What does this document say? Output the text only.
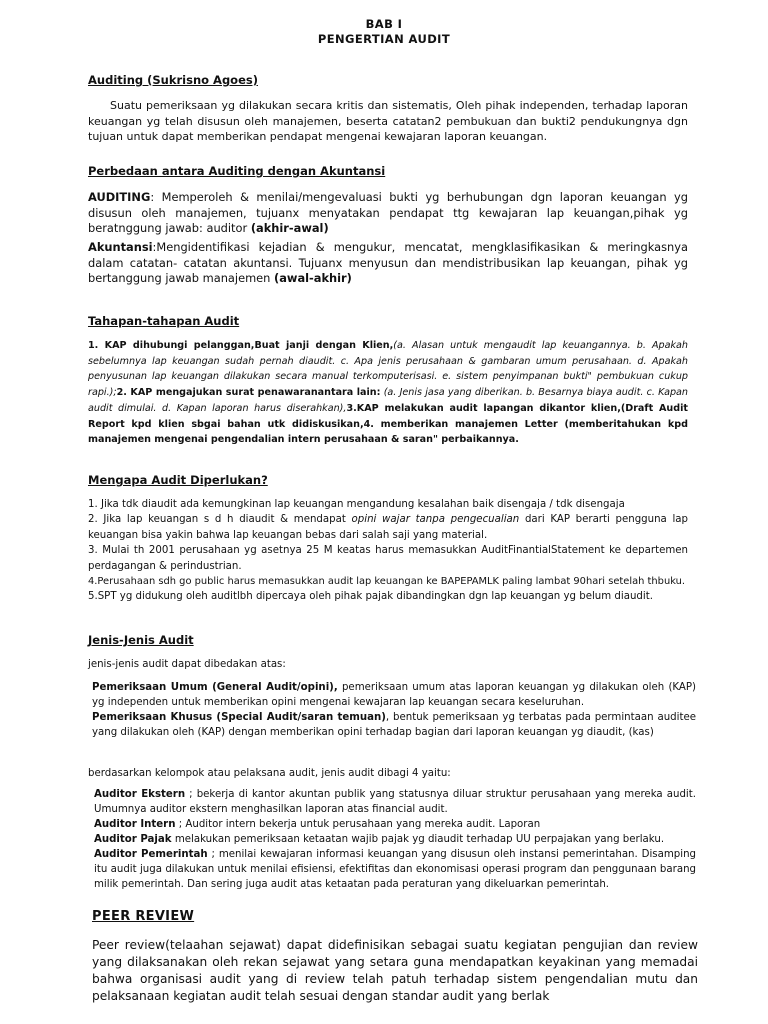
BAB I
PENGERTIAN AUDIT
Auditing (Sukrisno Agoes)
Suatu pemeriksaan yg dilakukan secara kritis dan sistematis, Oleh pihak independen, terhadap laporan keuangan yg telah disusun oleh manajemen, beserta catatan2 pembukuan dan bukti2 pendukungnya dgn tujuan untuk dapat memberikan pendapat mengenai kewajaran laporan keuangan.
Perbedaan antara Auditing dengan Akuntansi
AUDITING: Memperoleh & menilai/mengevaluasi bukti yg berhubungan dgn laporan keuangan yg disusun oleh manajemen, tujuanx menyatakan pendapat ttg kewajaran lap keuangan,pihak yg beratnggung jawab: auditor (akhir-awal)
Akuntansi:Mengidentifikasi kejadian & mengukur, mencatat, mengklasifikasikan & meringkasnya dalam catatan- catatan akuntansi. Tujuanx menyusun dan mendistribusikan lap keuangan, pihak yg bertanggung jawab manajemen (awal-akhir)
Tahapan-tahapan Audit
1. KAP dihubungi pelanggan,Buat janji dengan Klien,(a. Alasan untuk mengaudit lap keuangannya. b. Apakah sebelumnya lap keuangan sudah pernah diaudit. c. Apa jenis perusahaan & gambaran umum perusahaan. d. Apakah penyusunan lap keuangan dilakukan secara manual terkomputerisasi. e. sistem penyimpanan bukti" pembukuan cukup rapi.);2. KAP mengajukan surat penawaranantara lain: (a. Jenis jasa yang diberikan. b. Besarnya biaya audit. c. Kapan audit dimulai. d. Kapan laporan harus diserahkan),3.KAP melakukan audit lapangan dikantor klien,(Draft Audit Report kpd klien sbgai bahan utk didiskusikan,4. memberikan manajemen Letter (memberitahukan kpd manajemen mengenai pengendalian intern perusahaan & saran" perbaikannya.
Mengapa Audit Diperlukan?
1. Jika tdk diaudit ada kemungkinan lap keuangan mengandung kesalahan baik disengaja / tdk disengaja
2. Jika lap keuangan s d h diaudit & mendapat opini wajar tanpa pengecualian dari KAP berarti pengguna lap keuangan bisa yakin bahwa lap keuangan bebas dari salah saji yang material.
3. Mulai th 2001 perusahaan yg asetnya 25 M keatas harus memasukkan AuditFinantialStatement ke departemen perdagangan & perindustrian.
4.Perusahaan sdh go public harus memasukkan audit lap keuangan ke BAPEPAMLK paling lambat 90hari setelah thbuku.
5.SPT yg didukung oleh auditlbh dipercaya oleh pihak pajak dibandingkan dgn lap keuangan yg belum diaudit.
Jenis-Jenis Audit
jenis-jenis audit dapat dibedakan atas:
Pemeriksaan Umum (General Audit/opini), pemeriksaan umum atas laporan keuangan yg dilakukan oleh (KAP) yg independen untuk memberikan opini mengenai kewajaran lap keuangan secara keseluruhan.
Pemeriksaan Khusus (Special Audit/saran temuan), bentuk pemeriksaan yg terbatas pada permintaan auditee yang dilakukan oleh (KAP) dengan memberikan opini terhadap bagian dari laporan keuangan yg diaudit, (kas)
berdasarkan kelompok atau pelaksana audit, jenis audit dibagi 4 yaitu:
Auditor Ekstern ; bekerja di kantor akuntan publik yang statusnya diluar struktur perusahaan yang mereka audit. Umumnya auditor ekstern menghasilkan laporan atas financial audit.
Auditor Intern ; Auditor intern bekerja untuk perusahaan yang mereka audit. Laporan
Auditor Pajak melakukan pemeriksaan ketaatan wajib pajak yg diaudit terhadap UU perpajakan yang berlaku.
Auditor Pemerintah ; menilai kewajaran informasi keuangan yang disusun oleh instansi pemerintahan. Disamping itu audit juga dilakukan untuk menilai efisiensi, efektifitas dan ekonomisasi operasi program dan penggunaan barang milik pemerintah. Dan sering juga audit atas ketaatan pada peraturan yang dikeluarkan pemerintah.
PEER REVIEW
Peer review(telaahan sejawat) dapat didefinisikan sebagai suatu kegiatan pengujian dan review yang dilaksanakan oleh rekan sejawat yang setara guna mendapatkan keyakinan yang memadai bahwa organisasi audit yang di review telah patuh terhadap sistem pengendalian mutu dan pelaksanaan kegiatan audit telah sesuai dengan standar audit yang berlak
